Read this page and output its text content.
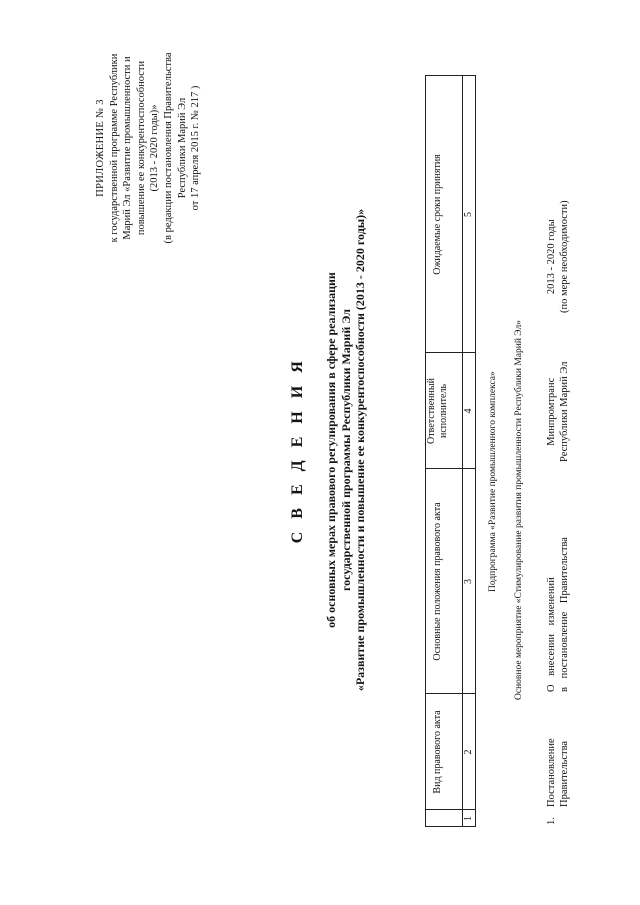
ПРИЛОЖЕНИЕ № 3 к государственной программе Республики Марий Эл «Развитие промышленности и повышение ее конкурентоспособности (2013 - 2020 годы)» (в редакции постановления Правительства Республики Марий Эл от 17 апреля 2015 г. № 217 )
С В Е Д Е Н И Я об основных мерах правового регулирования в сфере реализации государственной программы Республики Марий Эл «Развитие промышленности и повышение ее конкурентоспособности (2013 - 2020 годы)»
Вид правового акта
Основные положения правового акта
Ответственный исполнитель
Ожидаемые сроки принятия
1
2
3
4
5
Подпрограмма «Развитие промышленного комплекса» Основное мероприятие «Стимулирование развития промышленности Республики Марий Эл»
1.
Постановление Правительства
О внесении изменений в постановление Правительства
Минпромтранс Республики Марий Эл
2013 - 2020 годы (по мере необходимости)
